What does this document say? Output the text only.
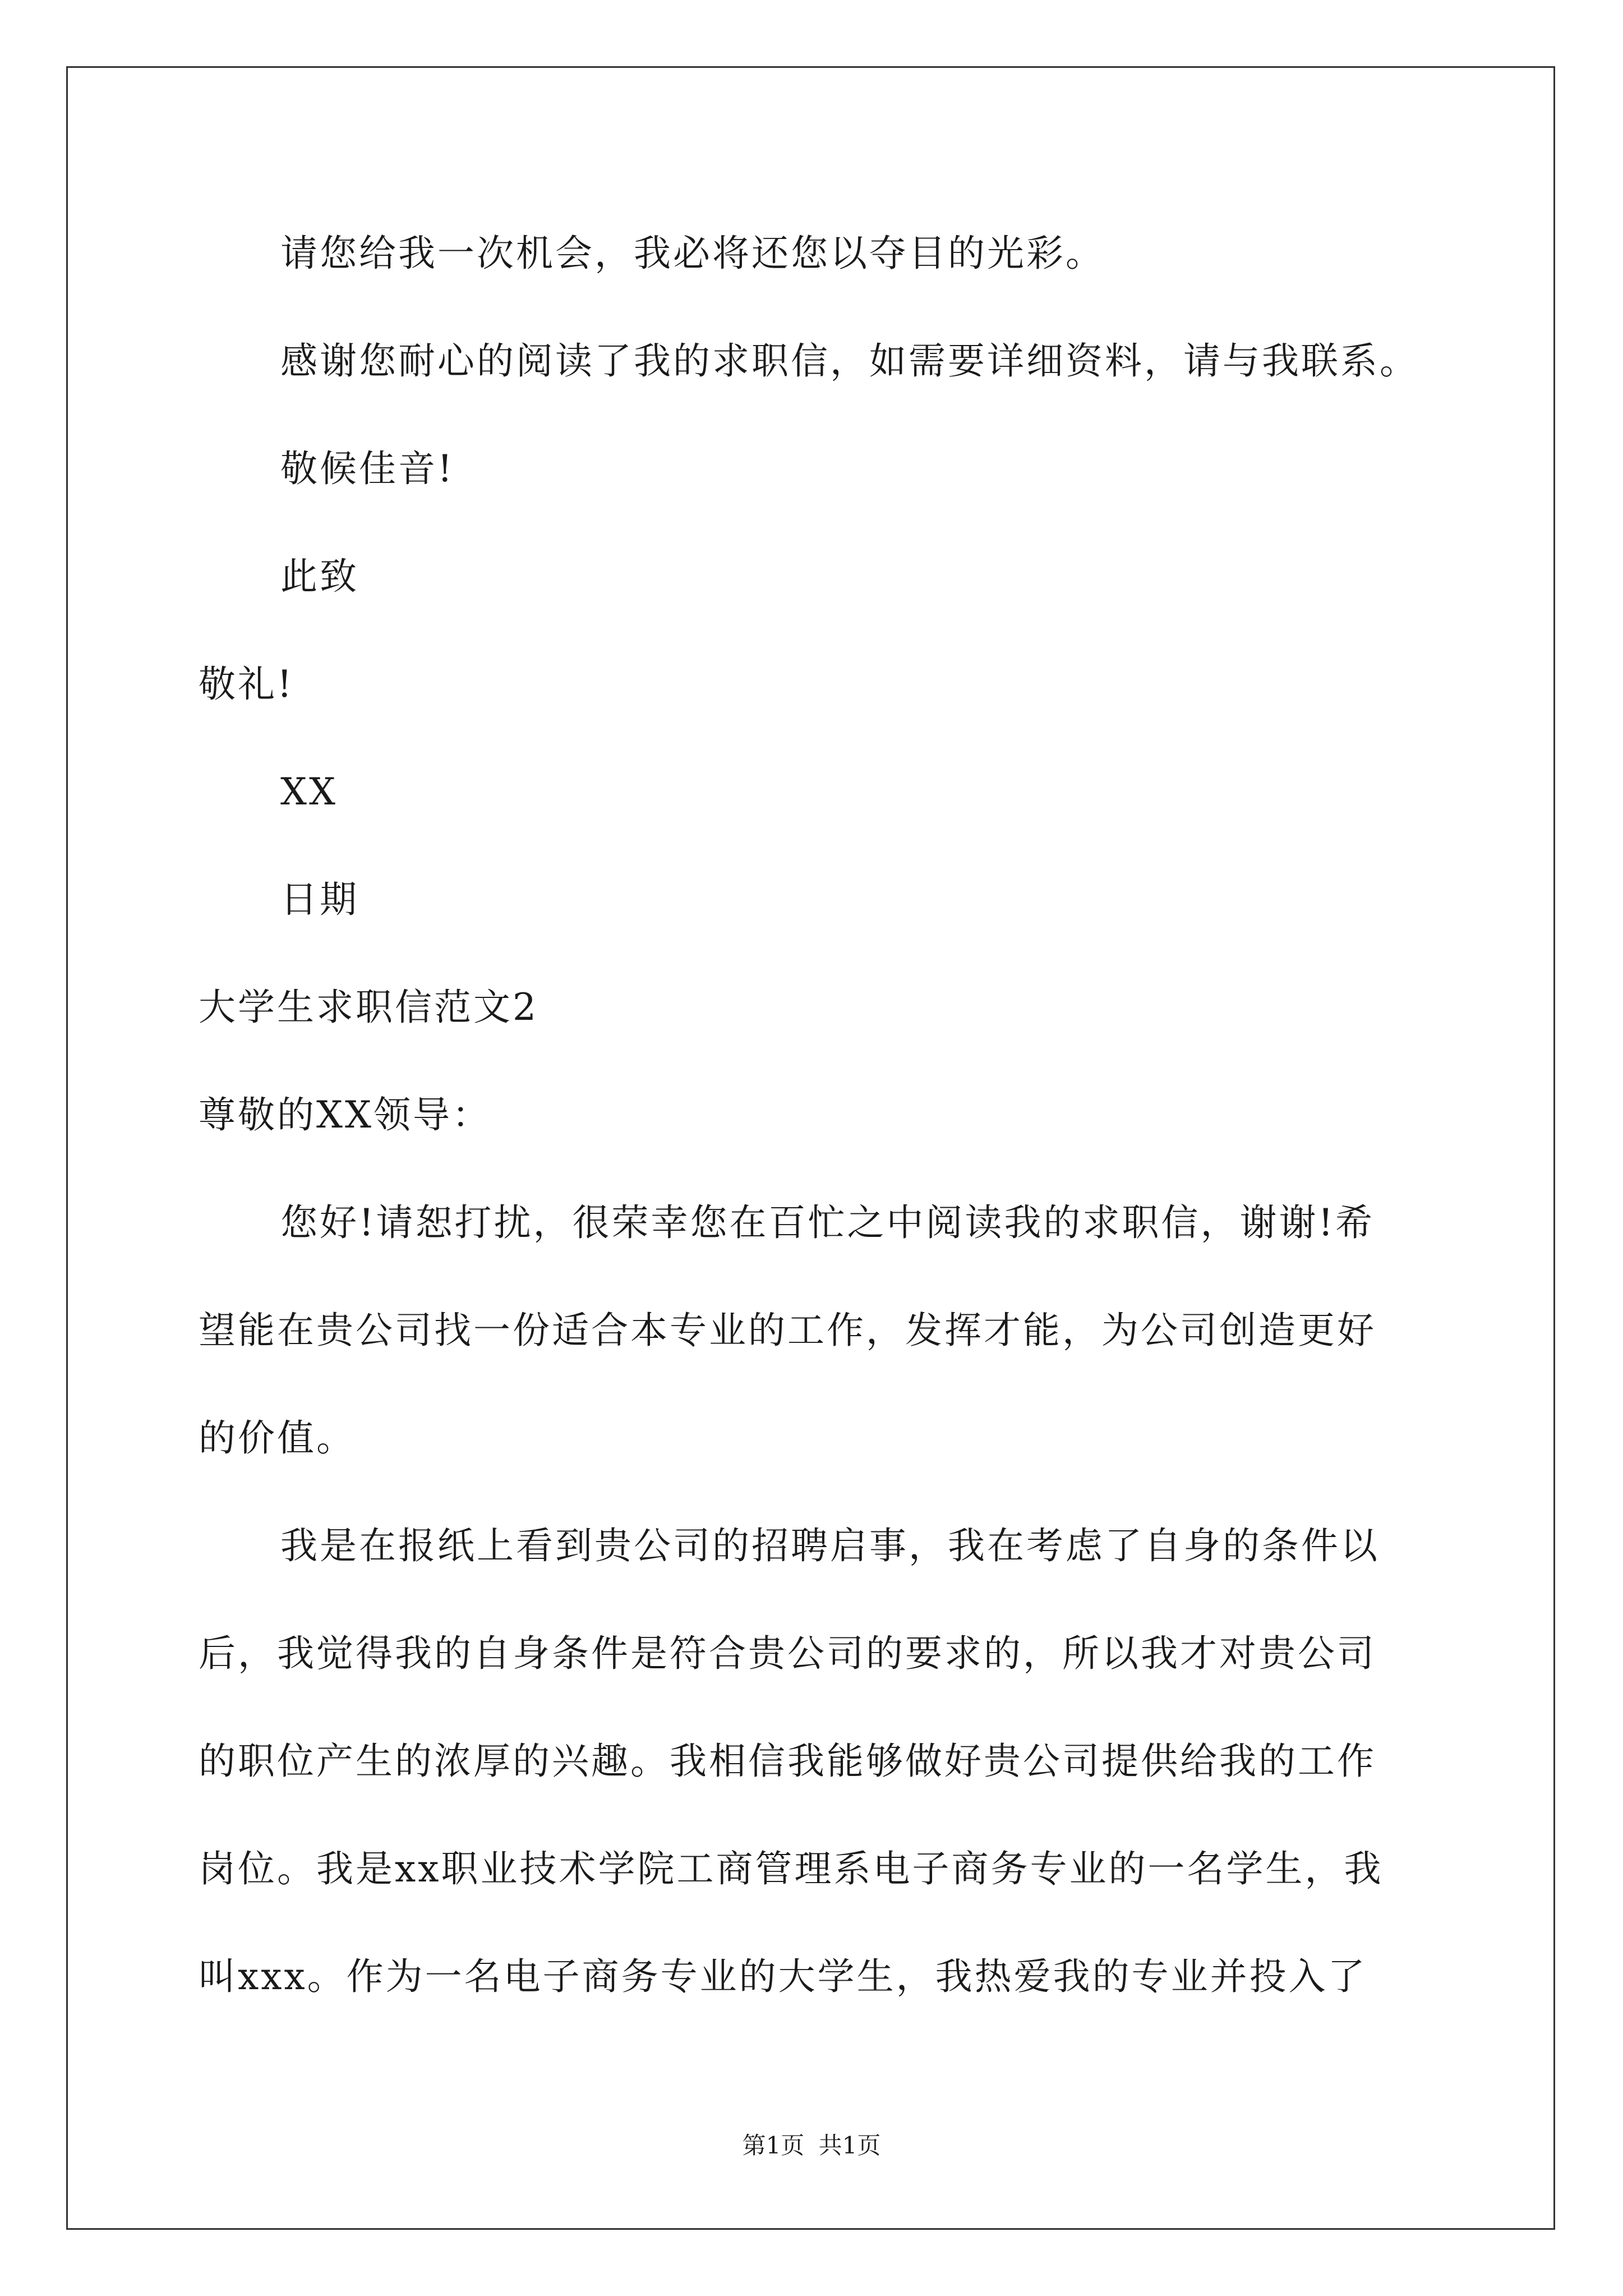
请您给我一次机会，我必将还您以夺目的光彩。
感谢您耐心的阅读了我的求职信，如需要详细资料，请与我联系。
敬候佳音!
此致
敬礼!
XX
日期
大学生求职信范文2
尊敬的XX领导：
您好!请恕打扰，很荣幸您在百忙之中阅读我的求职信，谢谢!希
望能在贵公司找一份适合本专业的工作，发挥才能，为公司创造更好
的价值。
我是在报纸上看到贵公司的招聘启事，我在考虑了自身的条件以
后，我觉得我的自身条件是符合贵公司的要求的，所以我才对贵公司
的职位产生的浓厚的兴趣。我相信我能够做好贵公司提供给我的工作
岗位。我是xx职业技术学院工商管理系电子商务专业的一名学生，我
叫xxx。作为一名电子商务专业的大学生，我热爱我的专业并投入了
第1页 共1页
